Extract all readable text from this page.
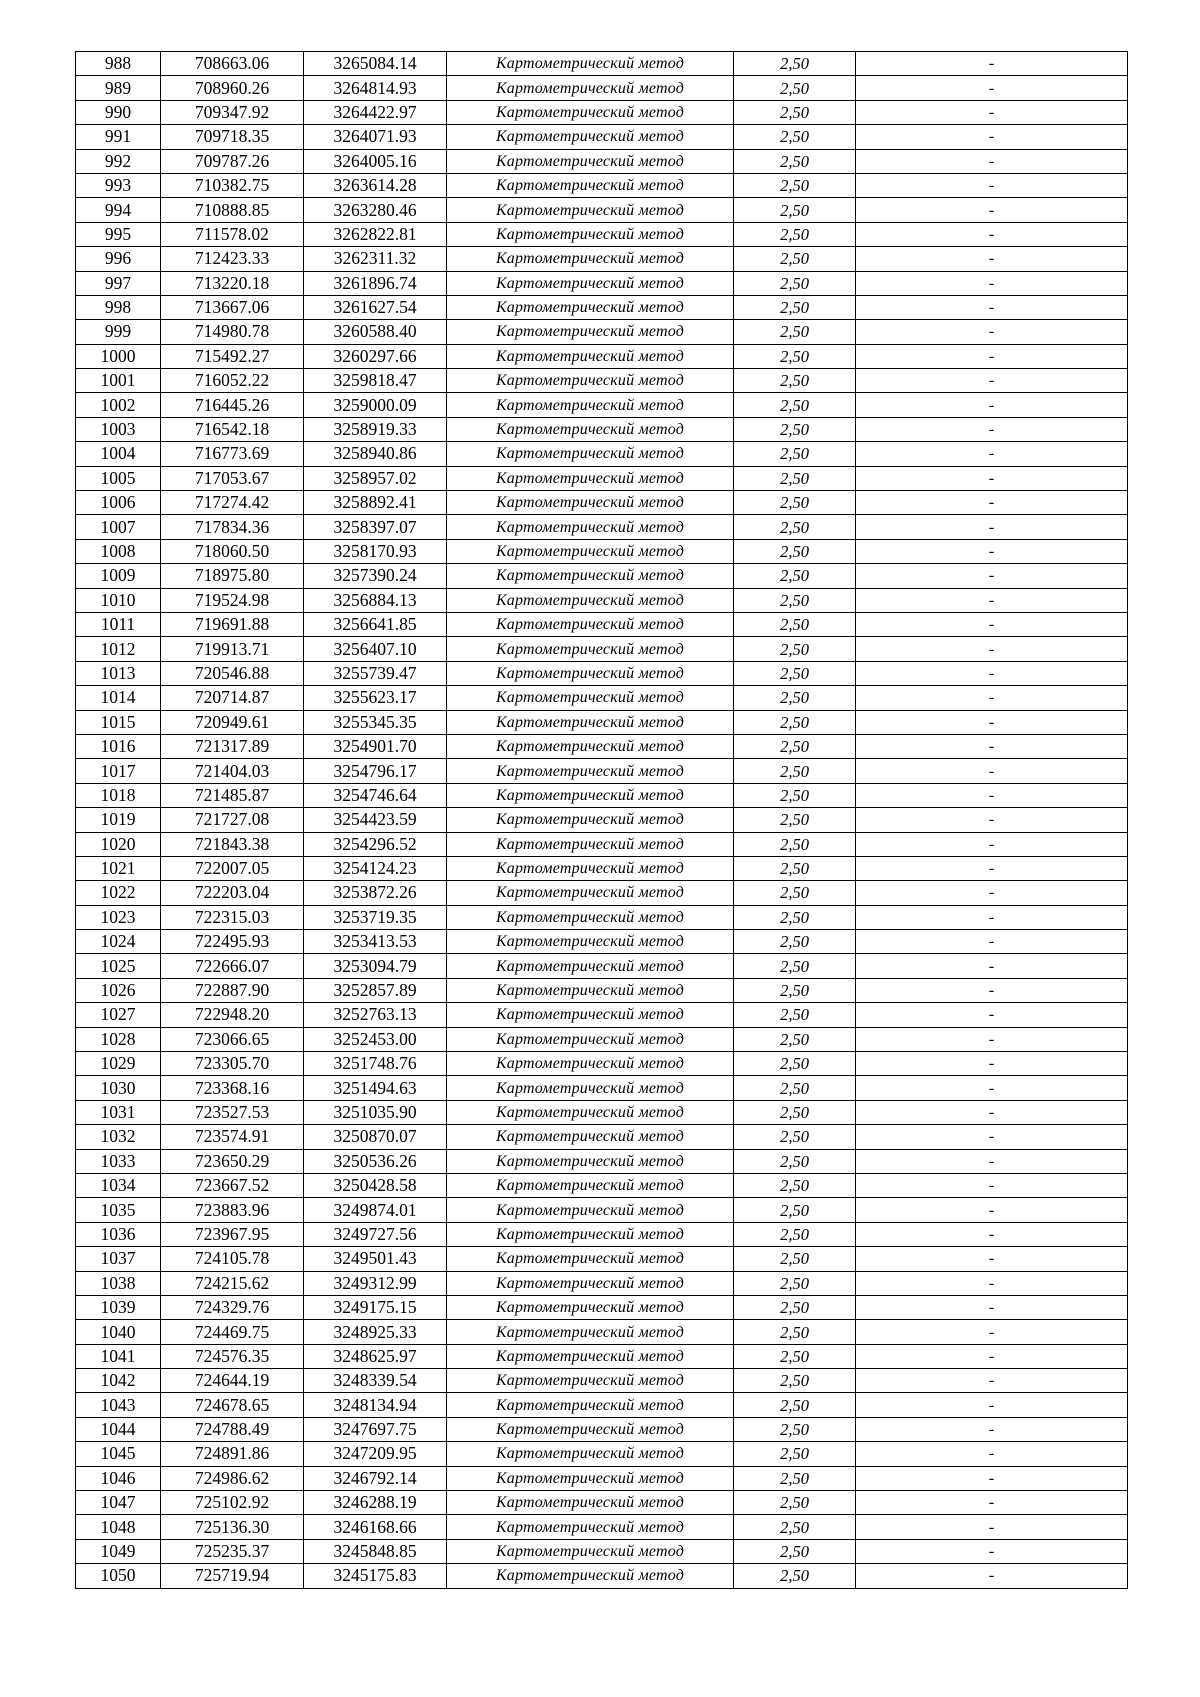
988	708663.06	3265084.14	Картометрический метод	2,50	-
989	708960.26	3264814.93	Картометрический метод	2,50	-
990	709347.92	3264422.97	Картометрический метод	2,50	-
991	709718.35	3264071.93	Картометрический метод	2,50	-
992	709787.26	3264005.16	Картометрический метод	2,50	-
993	710382.75	3263614.28	Картометрический метод	2,50	-
994	710888.85	3263280.46	Картометрический метод	2,50	-
995	711578.02	3262822.81	Картометрический метод	2,50	-
996	712423.33	3262311.32	Картометрический метод	2,50	-
997	713220.18	3261896.74	Картометрический метод	2,50	-
998	713667.06	3261627.54	Картометрический метод	2,50	-
999	714980.78	3260588.40	Картометрический метод	2,50	-
1000	715492.27	3260297.66	Картометрический метод	2,50	-
1001	716052.22	3259818.47	Картометрический метод	2,50	-
1002	716445.26	3259000.09	Картометрический метод	2,50	-
1003	716542.18	3258919.33	Картометрический метод	2,50	-
1004	716773.69	3258940.86	Картометрический метод	2,50	-
1005	717053.67	3258957.02	Картометрический метод	2,50	-
1006	717274.42	3258892.41	Картометрический метод	2,50	-
1007	717834.36	3258397.07	Картометрический метод	2,50	-
1008	718060.50	3258170.93	Картометрический метод	2,50	-
1009	718975.80	3257390.24	Картометрический метод	2,50	-
1010	719524.98	3256884.13	Картометрический метод	2,50	-
1011	719691.88	3256641.85	Картометрический метод	2,50	-
1012	719913.71	3256407.10	Картометрический метод	2,50	-
1013	720546.88	3255739.47	Картометрический метод	2,50	-
1014	720714.87	3255623.17	Картометрический метод	2,50	-
1015	720949.61	3255345.35	Картометрический метод	2,50	-
1016	721317.89	3254901.70	Картометрический метод	2,50	-
1017	721404.03	3254796.17	Картометрический метод	2,50	-
1018	721485.87	3254746.64	Картометрический метод	2,50	-
1019	721727.08	3254423.59	Картометрический метод	2,50	-
1020	721843.38	3254296.52	Картометрический метод	2,50	-
1021	722007.05	3254124.23	Картометрический метод	2,50	-
1022	722203.04	3253872.26	Картометрический метод	2,50	-
1023	722315.03	3253719.35	Картометрический метод	2,50	-
1024	722495.93	3253413.53	Картометрический метод	2,50	-
1025	722666.07	3253094.79	Картометрический метод	2,50	-
1026	722887.90	3252857.89	Картометрический метод	2,50	-
1027	722948.20	3252763.13	Картометрический метод	2,50	-
1028	723066.65	3252453.00	Картометрический метод	2,50	-
1029	723305.70	3251748.76	Картометрический метод	2,50	-
1030	723368.16	3251494.63	Картометрический метод	2,50	-
1031	723527.53	3251035.90	Картометрический метод	2,50	-
1032	723574.91	3250870.07	Картометрический метод	2,50	-
1033	723650.29	3250536.26	Картометрический метод	2,50	-
1034	723667.52	3250428.58	Картометрический метод	2,50	-
1035	723883.96	3249874.01	Картометрический метод	2,50	-
1036	723967.95	3249727.56	Картометрический метод	2,50	-
1037	724105.78	3249501.43	Картометрический метод	2,50	-
1038	724215.62	3249312.99	Картометрический метод	2,50	-
1039	724329.76	3249175.15	Картометрический метод	2,50	-
1040	724469.75	3248925.33	Картометрический метод	2,50	-
1041	724576.35	3248625.97	Картометрический метод	2,50	-
1042	724644.19	3248339.54	Картометрический метод	2,50	-
1043	724678.65	3248134.94	Картометрический метод	2,50	-
1044	724788.49	3247697.75	Картометрический метод	2,50	-
1045	724891.86	3247209.95	Картометрический метод	2,50	-
1046	724986.62	3246792.14	Картометрический метод	2,50	-
1047	725102.92	3246288.19	Картометрический метод	2,50	-
1048	725136.30	3246168.66	Картометрический метод	2,50	-
1049	725235.37	3245848.85	Картометрический метод	2,50	-
1050	725719.94	3245175.83	Картометрический метод	2,50	-
